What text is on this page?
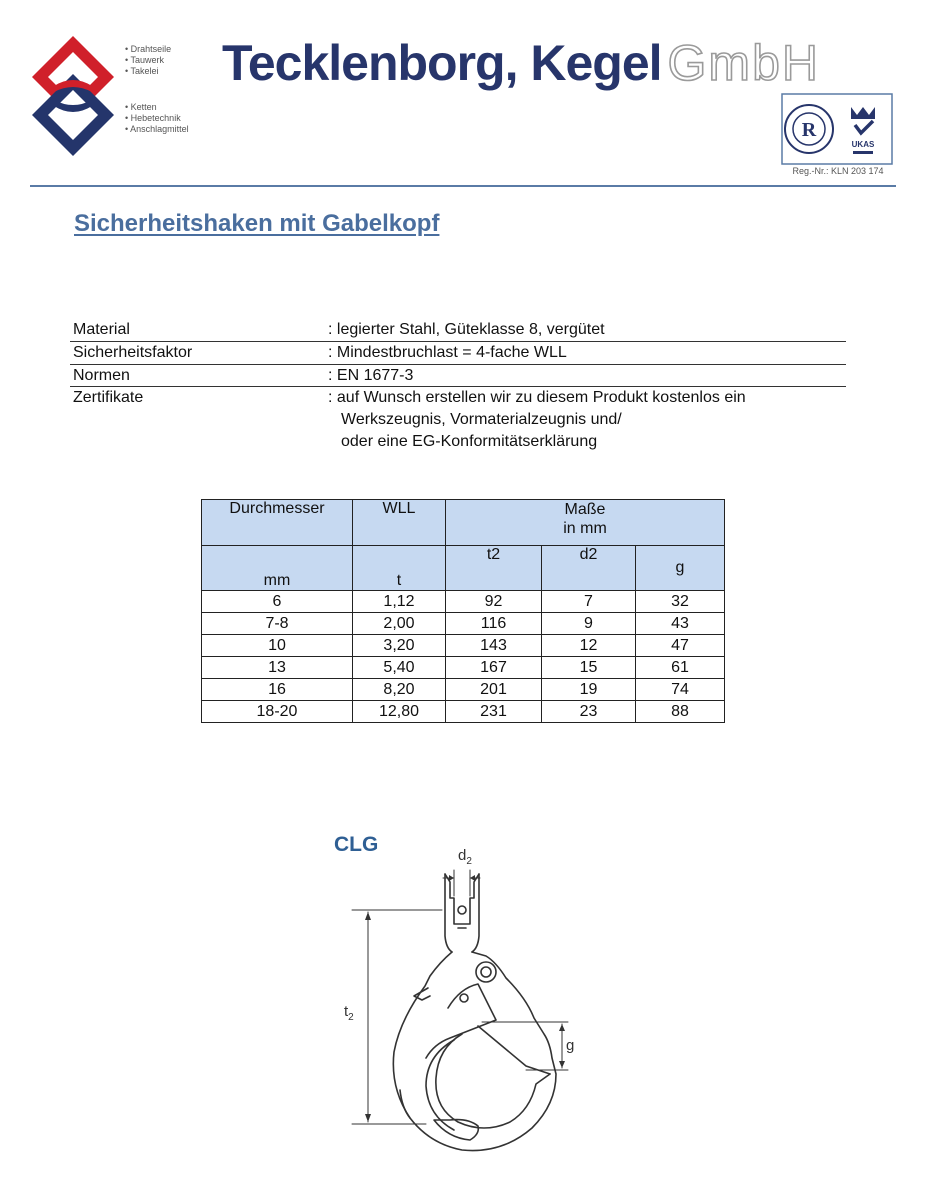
• Drahtseile
• Tauwerk
• Takelei
• Ketten
• Hebetechnik
• Anschlagmittel
Tecklenborg, Kegel GmbH
R
UKAS
Reg.-Nr.: KLN 203 174
Sicherheitshaken mit Gabelkopf
Material	: legierter Stahl, Güteklasse 8, vergütet
Sicherheitsfaktor	: Mindestbruchlast = 4-fache WLL
Normen	: EN 1677-3
Zertifikate	: auf Wunsch erstellen wir zu diesem Produkt kostenlos ein
Werkszeugnis, Vormaterialzeugnis und/
oder eine EG-Konformitätserklärung
Durchmesser	WLL	Maße
in mm		

mm	t	t2	d2	g
6	1,12	92	7	32
7-8	2,00	116	9	43
10	3,20	143	12	47
13	5,40	167	15	61
16	8,20	201	19	74
18-20	12,80	231	23	88
CLG	$d_2$
$t_2$
g
